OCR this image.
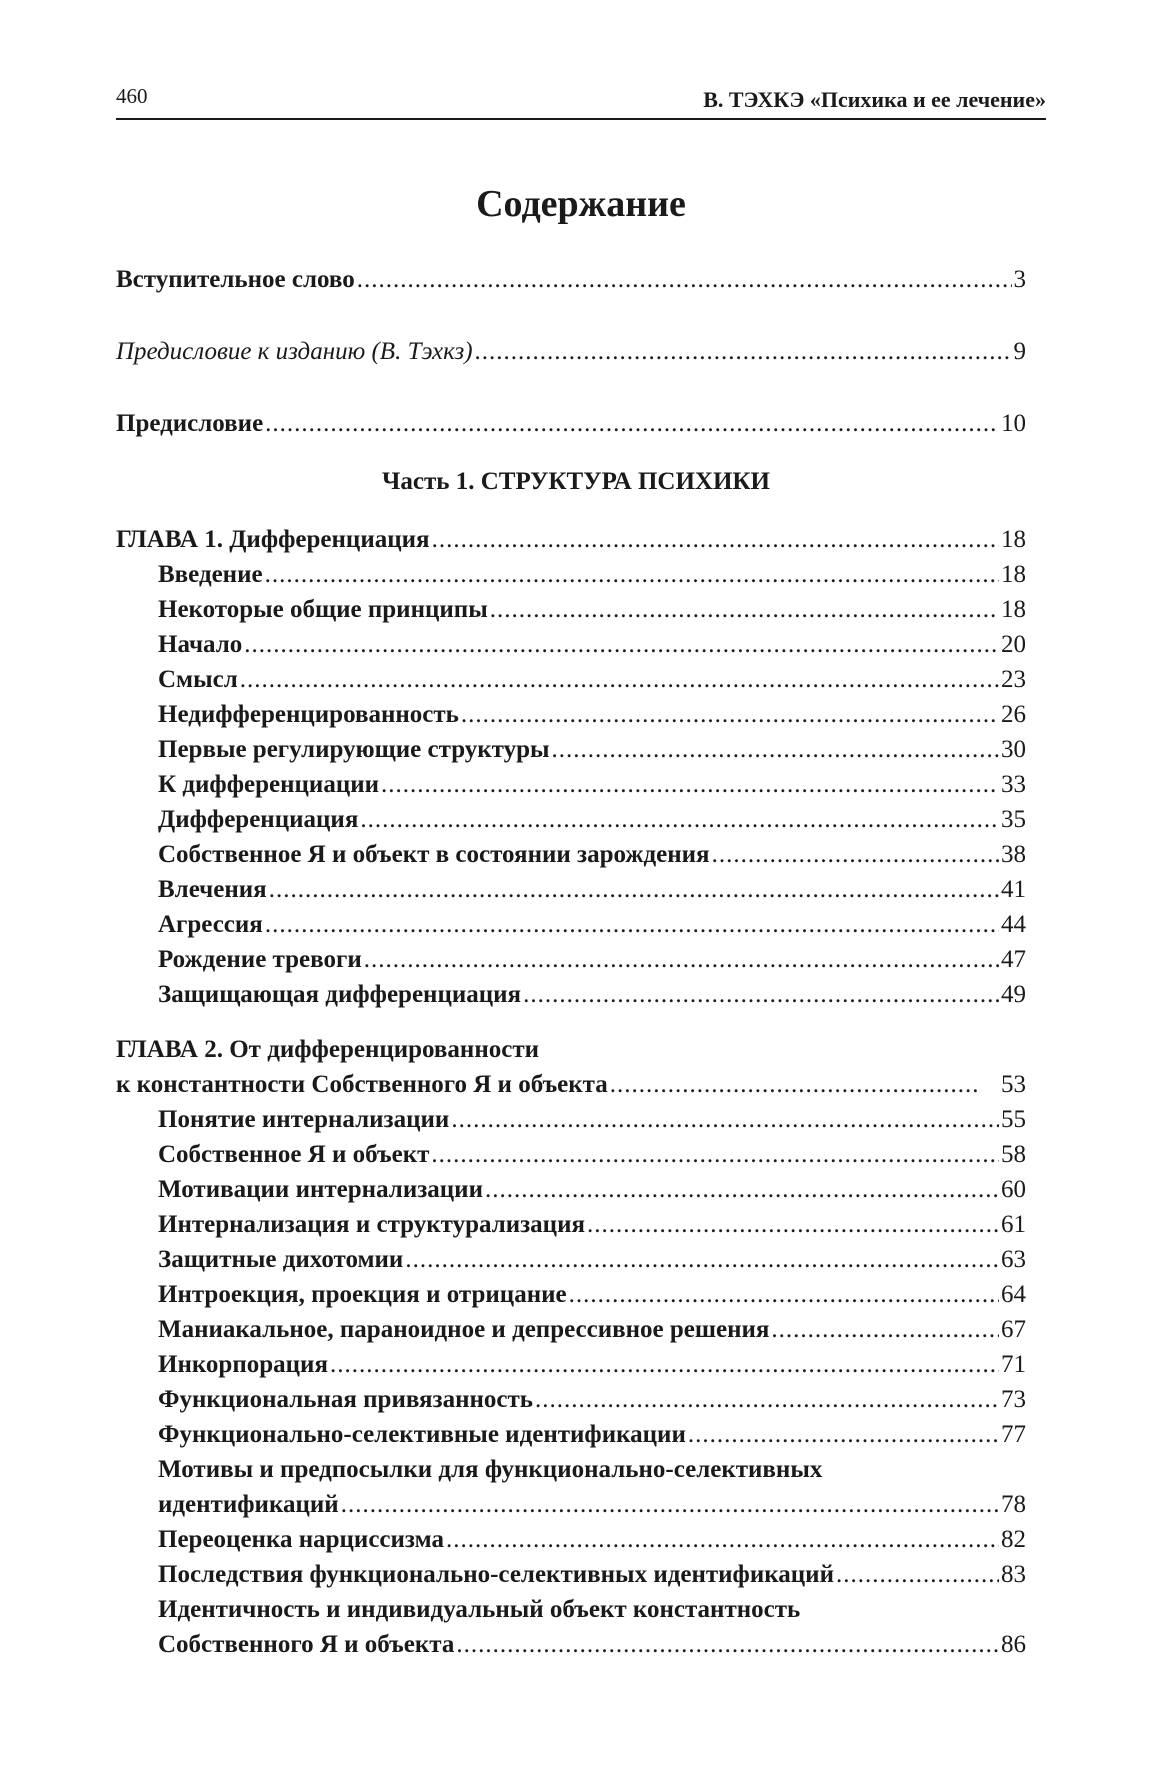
460	В. ТЭХКЭ «Психика и ее лечение»
Содержание
Вступительное слово .....	3
Предисловие к изданию (В. Тэхкз) .....	9
Предисловие .....	10
Часть 1. СТРУКТУРА ПСИХИКИ
ГЛАВА 1. Дифференциация .....	18
Введение .....	18
Некоторые общие принципы .....	18
Начало .....	20
Смысл .....	23
Недифференцированность .....	26
Первые регулирующие структуры .....	30
К дифференциации .....	33
Дифференциация .....	35
Собственное Я и объект в состоянии зарождения .....	38
Влечения .....	41
Агрессия .....	44
Рождение тревоги .....	47
Защищающая дифференциация .....	49
ГЛАВА 2. От дифференцированности
к константности Собственного Я и объекта .....	53
Понятие интернализации .....	55
Собственное Я и объект .....	58
Мотивации интернализации .....	60
Интернализация и структурализация .....	61
Защитные дихотомии .....	63
Интроекция, проекция и отрицание .....	64
Маниакальное, параноидное и депрессивное решения .....	67
Инкорпорация .....	71
Функциональная привязанность .....	73
Функционально-селективные идентификации .....	77
Мотивы и предпосылки для функционально-селективных
идентификаций .....	78
Переоценка нарциссизма .....	82
Последствия функционально-селективных идентификаций .....	83
Идентичность и индивидуальный объект константность
Собственного Я и объекта .....	86
